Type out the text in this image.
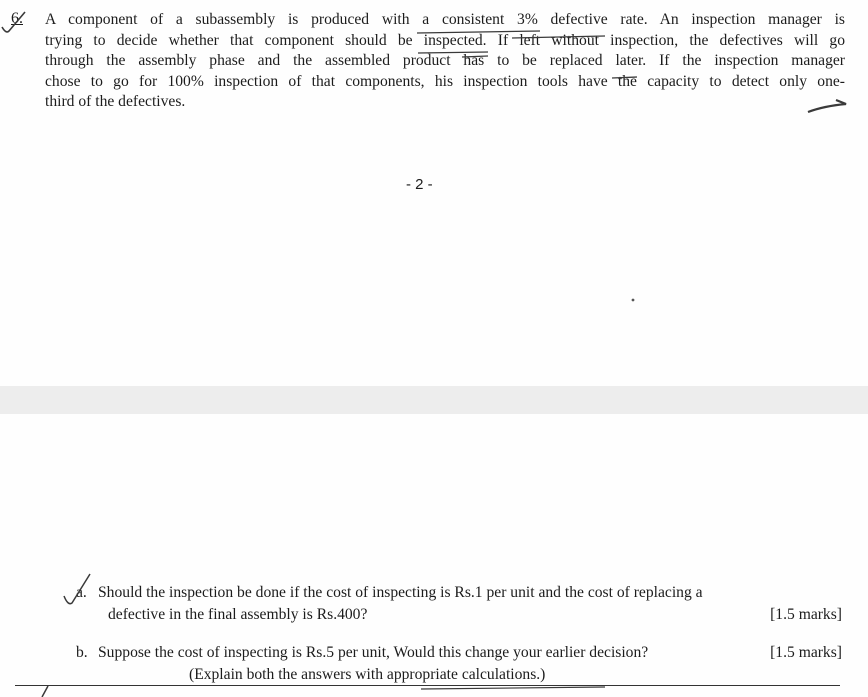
6. A component of a subassembly is produced with a consistent 3% defective rate. An inspection manager is
trying to decide whether that component should be inspected. If left without inspection, the defectives will go
through the assembly phase and the assembled product has to be replaced later. If the inspection manager
chose to go for 100% inspection of that components, his inspection tools have the capacity to detect only one-
third of the defectives.
- 2 -
a. Should the inspection be done if the cost of inspecting is Rs.1 per unit and the cost of replacing a
defective in the final assembly is Rs.400?	[1.5 marks]
b. Suppose the cost of inspecting is Rs.5 per unit, Would this change your earlier decision?	[1.5 marks]
(Explain both the answers with appropriate calculations.)
